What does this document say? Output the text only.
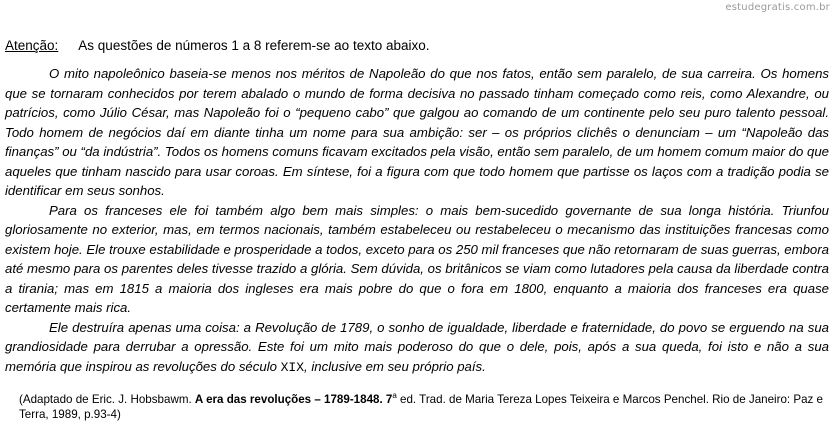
estudegratis.com.br
Atenção: As questões de números 1 a 8 referem-se ao texto abaixo.

O mito napoleônico baseia-se menos nos méritos de Napoleão do que nos fatos, então sem paralelo, de sua carreira. Os homens que se tornaram conhecidos por terem abalado o mundo de forma decisiva no passado tinham começado como reis, como Alexandre, ou patrícios, como Júlio César, mas Napoleão foi o “pequeno cabo” que galgou ao comando de um continente pelo seu puro talento pessoal. Todo homem de negócios daí em diante tinha um nome para sua ambição: ser – os próprios clichês o denunciam – um “Napoleão das finanças” ou “da indústria”. Todos os homens comuns ficavam excitados pela visão, então sem paralelo, de um homem comum maior do que aqueles que tinham nascido para usar coroas. Em síntese, foi a figura com que todo homem que partisse os laços com a tradição podia se identificar em seus sonhos.

Para os franceses ele foi também algo bem mais simples: o mais bem-sucedido governante de sua longa história. Triunfou gloriosamente no exterior, mas, em termos nacionais, também estabeleceu ou restabeleceu o mecanismo das instituições francesas como existem hoje. Ele trouxe estabilidade e prosperidade a todos, exceto para os 250 mil franceses que não retornaram de suas guerras, embora até mesmo para os parentes deles tivesse trazido a glória. Sem dúvida, os britânicos se viam como lutadores pela causa da liberdade contra a tirania; mas em 1815 a maioria dos ingleses era mais pobre do que o fora em 1800, enquanto a maioria dos franceses era quase certamente mais rica.

Ele destruíra apenas uma coisa: a Revolução de 1789, o sonho de igualdade, liberdade e fraternidade, do povo se erguendo na sua grandiosidade para derrubar a opressão. Este foi um mito mais poderoso do que o dele, pois, após a sua queda, foi isto e não a sua memória que inspirou as revoluções do século XIX, inclusive em seu próprio país.

(Adaptado de Eric. J. Hobsbawm. A era das revoluções – 1789-1848. 7$^a$ ed. Trad. de Maria Tereza Lopes Teixeira e Marcos Penchel. Rio de Janeiro: Paz e Terra, 1989, p.93-4)
